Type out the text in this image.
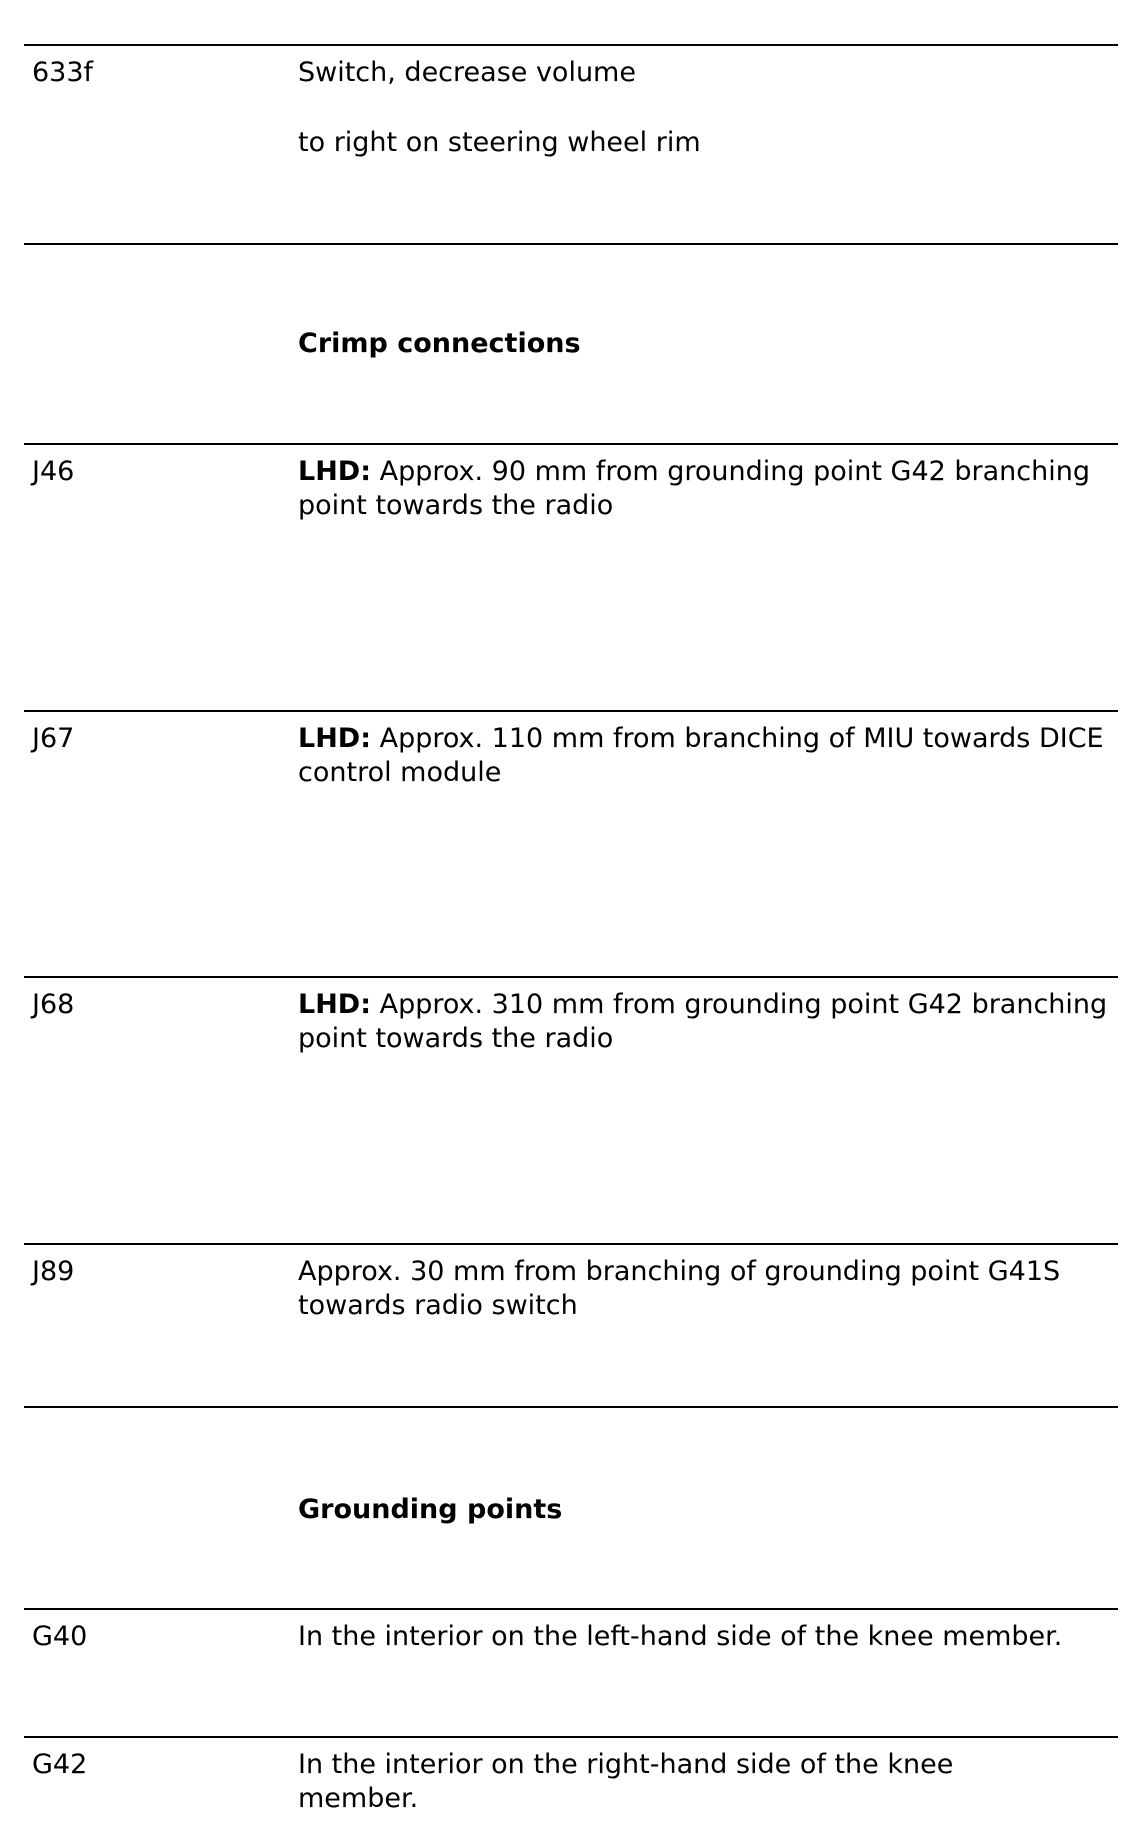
633f	Switch, decrease volume

to right on steering wheel rim

Crimp connections
J46	LHD: Approx. 90 mm from grounding point G42 branching point towards the radio

J67	LHD: Approx. 110 mm from branching of MIU towards DICE control module

J68	LHD: Approx. 310 mm from grounding point G42 branching point towards the radio

J89	Approx. 30 mm from branching of grounding point G41S towards radio switch

Grounding points
G40	In the interior on the left-hand side of the knee member.

G42	In the interior on the right-hand side of the knee member.
